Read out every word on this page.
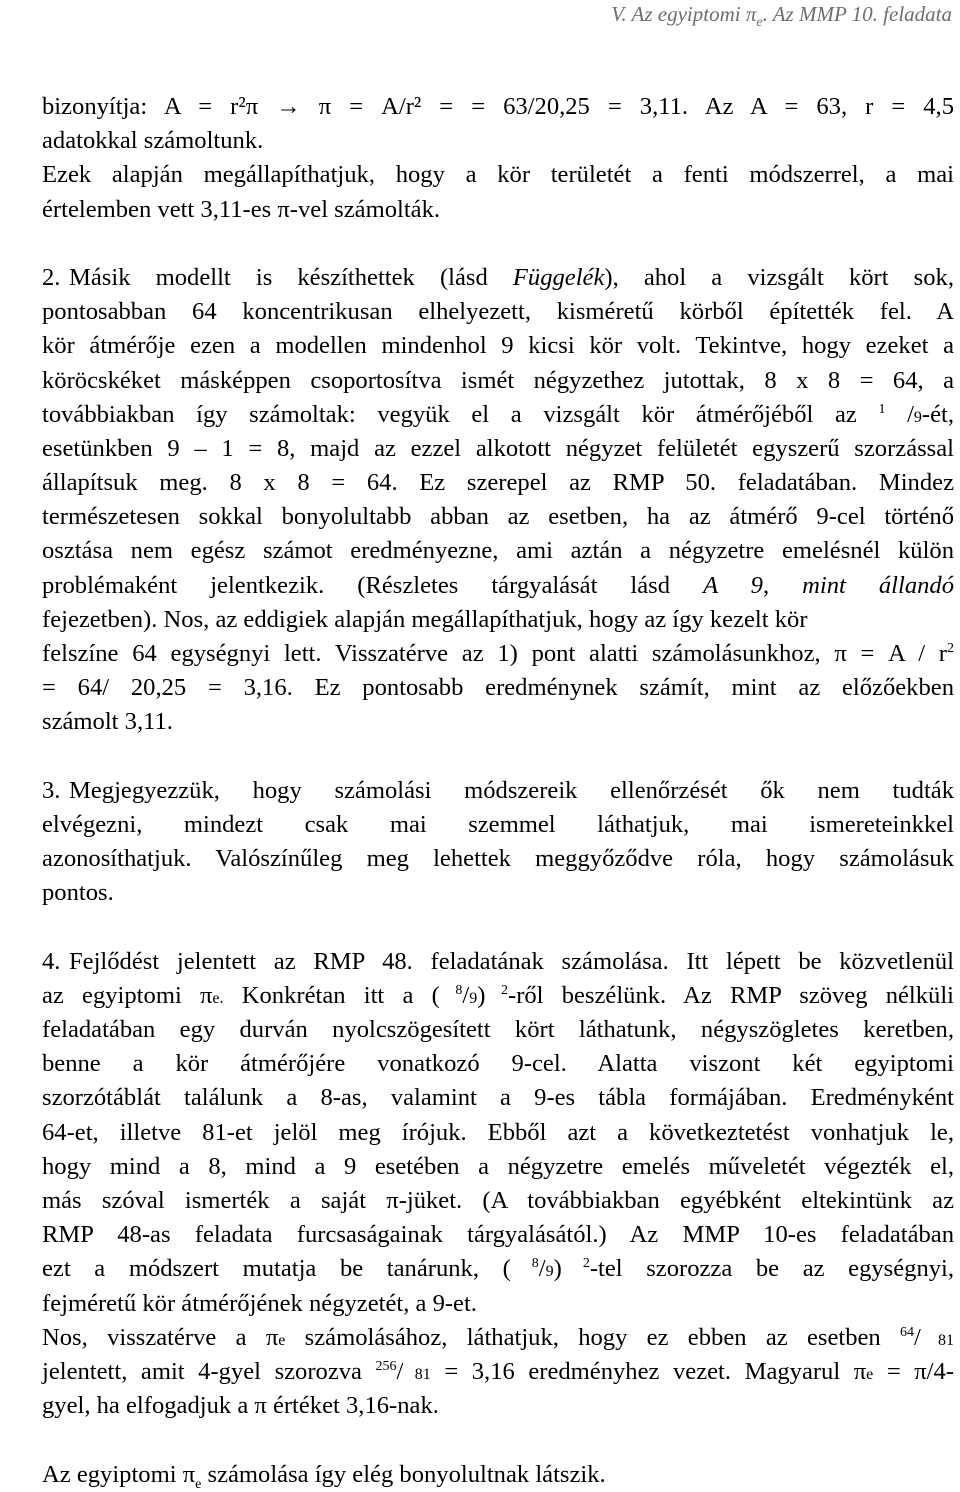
V. Az egyiptomi $\pi_e$. Az MMP 10. feladata
bizonyítja: A = r²π → π = A/r² = = 63/20,25 = 3,11. Az A = 63, r = 4,5
adatokkal számoltunk.
Ezek alapján megállapíthatjuk, hogy a kör területét a fenti módszerrel, a mai
értelemben vett 3,11-es π-vel számolták.
2. Másik modellt is készíthettek (lásd Függelék), ahol a vizsgált kört sok,
pontosabban 64 koncentrikusan elhelyezett, kisméretű körből építették fel. A
kör átmérője ezen a modellen mindenhol 9 kicsi kör volt. Tekintve, hogy ezeket a
köröcskéket másképpen csoportosítva ismét négyzethez jutottak, 8 x 8 = 64, a
továbbiakban így számoltak: vegyük el a vizsgált kör átmérőjéből az $^1$ /9-ét,
esetünkben 9 – 1 = 8, majd az ezzel alkotott négyzet felületét egyszerű szorzással
állapítsuk meg. 8 x 8 = 64. Ez szerepel az RMP 50. feladatában. Mindez
természetesen sokkal bonyolultabb abban az esetben, ha az átmérő 9-cel történő
osztása nem egész számot eredményezne, ami aztán a négyzetre emelésnél külön
problémaként jelentkezik. (Részletes tárgyalását lásd A 9, mint állandó
fejezetben). Nos, az eddigiek alapján megállapíthatjuk, hogy az így kezelt kör
felszíne 64 egységnyi lett. Visszatérve az 1) pont alatti számolásunkhoz, $\pi = A / r^2$
= 64/ 20,25 = 3,16. Ez pontosabb eredménynek számít, mint az előzőekben
számolt 3,11.
3. Megjegyezzük, hogy számolási módszereik ellenőrzését ők nem tudták
elvégezni, mindezt csak mai szemmel láthatjuk, mai ismereteinkkel
azonosíthatjuk. Valószínűleg meg lehettek meggyőződve róla, hogy számolásuk
pontos.
4. Fejlődést jelentett az RMP 48. feladatának számolása. Itt lépett be közvetlenül
az egyiptomi πe. Konkrétan itt a ( $^8$/9) $^2$-ről beszélünk. Az RMP szöveg nélküli
feladatában egy durván nyolcszögesített kört láthatunk, négyszögletes keretben,
benne a kör átmérőjére vonatkozó 9-cel. Alatta viszont két egyiptomi
szorzótáblát találunk a 8-as, valamint a 9-es tábla formájában. Eredményként
64-et, illetve 81-et jelöl meg írójuk. Ebből azt a következtetést vonhatjuk le,
hogy mind a 8, mind a 9 esetében a négyzetre emelés műveletét végezték el,
más szóval ismerték a saját π-jüket. (A továbbiakban egyébként eltekintünk az
RMP 48-as feladata furcsaságainak tárgyalásától.) Az MMP 10-es feladatában
ezt a módszert mutatja be tanárunk, ( $^8$/9) $^2$-tel szorozza be az egységnyi,
fejméretű kör átmérőjének négyzetét, a 9-et.
Nos, visszatérve a πe számolásához, láthatjuk, hogy ez ebben az esetben $^{64}$/ 81
jelentett, amit 4-gyel szorozva $^{256}$/ 81 = 3,16 eredményhez vezet. Magyarul πe = π/4-
gyel, ha elfogadjuk a π értéket 3,16-nak.
Az egyiptomi $\pi_e$ számolása így elég bonyolultnak látszik.
